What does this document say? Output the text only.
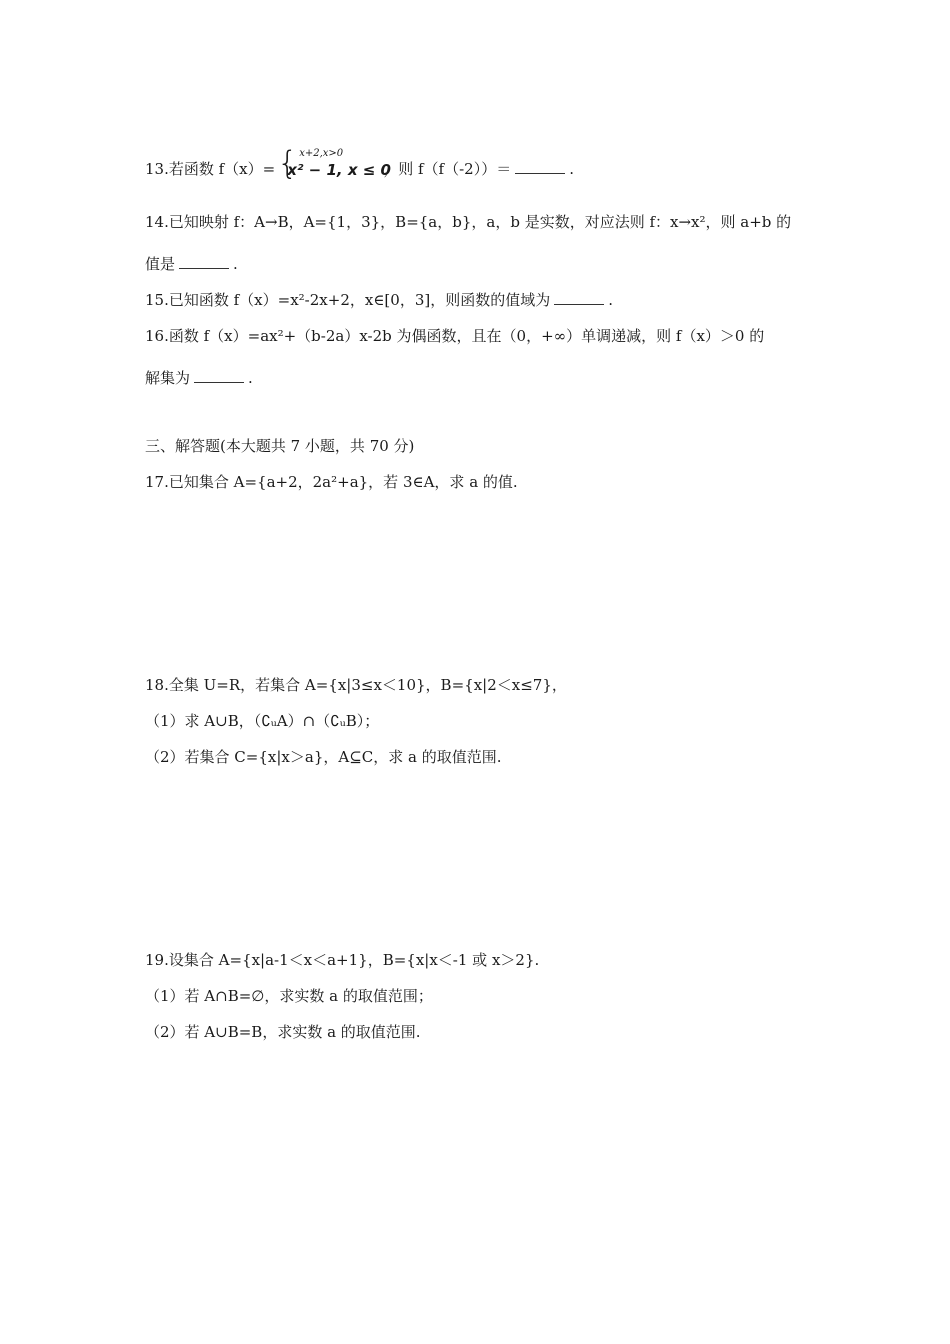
13.若函数 f（x）= { x+2,x>0
x² − 1, x ≤ 0
，则 f（f（-2））＝	.
14.已知映射 f：A→B，A={1，3}，B={a，b}，a，b 是实数，对应法则 f：x→x²，则 a+b 的
值是	.
15.已知函数 f（x）=x²-2x+2，x∈[0，3]，则函数的值域为	.
16.函数 f（x）=ax²+（b-2a）x-2b 为偶函数，且在（0，+∞）单调递减，则 f（x）＞0 的
解集为	.
三、解答题(本大题共 7 小题，共 70 分)
17.已知集合 A={a+2，2a²+a}，若 3∈A，求 a 的值.
18.全集 U=R，若集合 A={x|3≤x＜10}，B={x|2＜x≤7}，
（1）求 A∪B，（∁ᵤA）∩（∁ᵤB）；
（2）若集合 C={x|x＞a}，A⊆C，求 a 的取值范围.
19.设集合 A={x|a-1＜x＜a+1}，B={x|x＜-1 或 x＞2}.
（1）若 A∩B=∅，求实数 a 的取值范围；
（2）若 A∪B=B，求实数 a 的取值范围.
